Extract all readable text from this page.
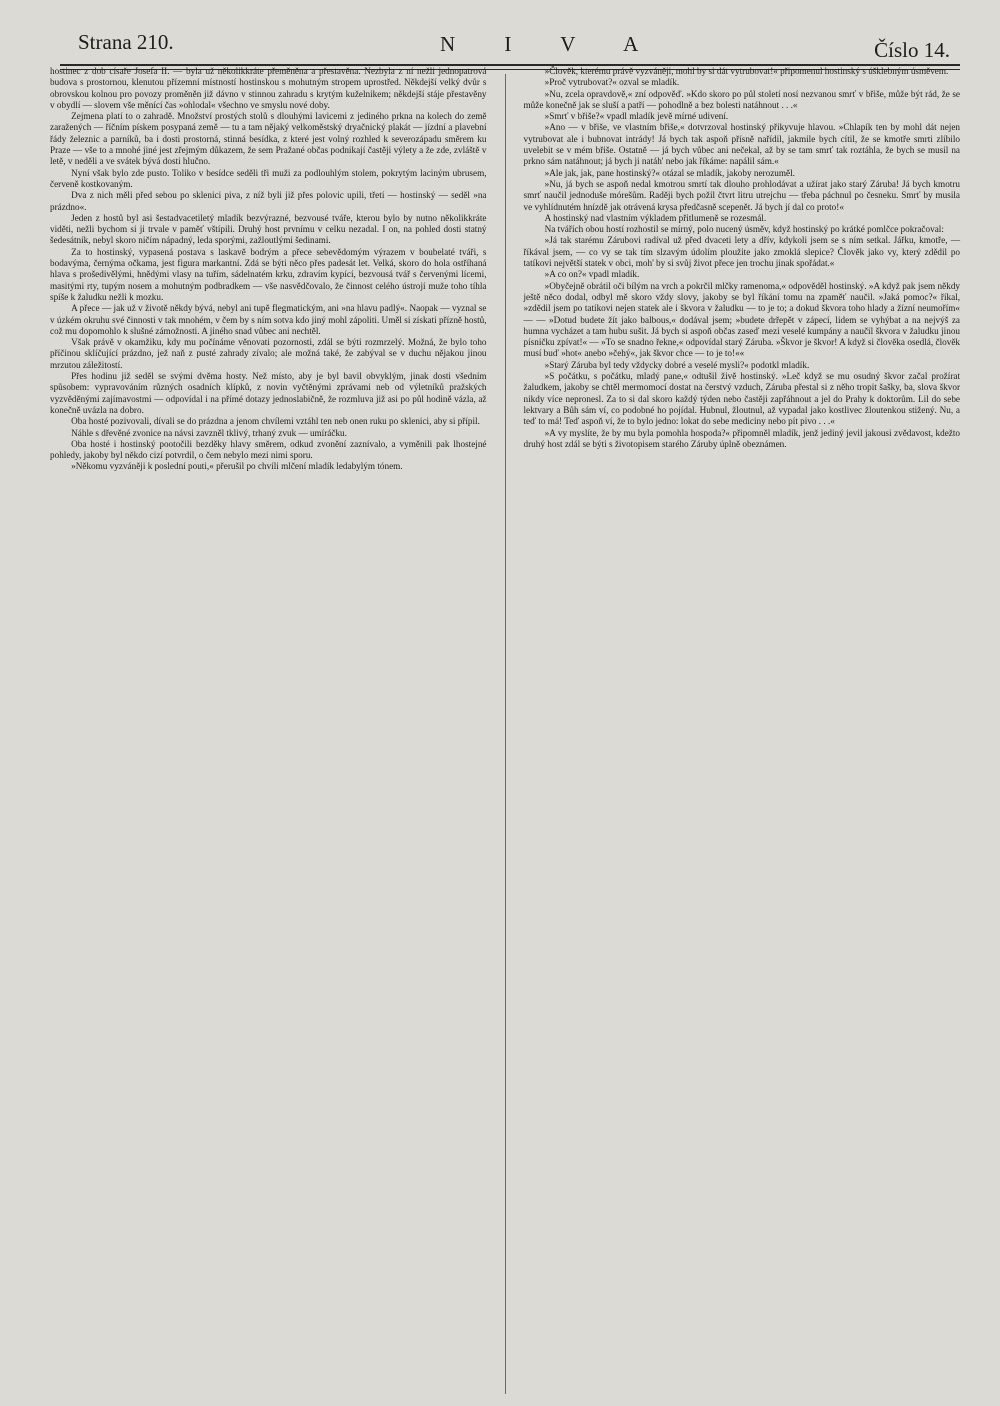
Strana 210.	N I V A	Číslo 14.

hostinec z dob císaře Josefa II. — byla už několikkráte přeměněna a přestavěna. Nezbyla z ní nežli jednopatrová budova s prostornou, klenutou přízemní místností hostinskou s mohutným stropem uprostřed. Někdejší velký dvůr s obrovskou kolnou pro povozy proměněn již dávno v stinnou zahradu s krytým kuželnikem; někdejší stáje přestavěny v obydlí — slovem vše měnící čas »ohlodal« všechno ve smyslu nové doby.

Zejmena platí to o zahradě. Množství prostých stolů s dlouhými lavicemi z jediného prkna na kolech do země zaražených — říčním pískem posypaná země — tu a tam nějaký velkoměstský dryačnický plakát — jízdní a plavební řády železnic a parníků, ba i dosti prostorná, stinná besídka, z které jest volný rozhled k severozápadu směrem ku Praze — vše to a mnohé jiné jest zřejmým důkazem, že sem Pražané občas podnikají častěji výlety a že zde, zvláště v letě, v neděli a ve svátek bývá dosti hlučno.

Nyní však bylo zde pusto. Toliko v besídce seděli tři muži za podlouhlým stolem, pokrytým laciným ubrusem, červeně kostkovaným.

Dva z nich měli před sebou po sklenici piva, z níž byli již přes polovic upili, třetí — hostinský — seděl »na prázdno«.

Jeden z hostů byl asi šestadvacetiletý mladík bezvýrazné, bezvousé tváře, kterou bylo by nutno několikkráte viděti, nežli bychom si ji trvale v paměť vštípili. Druhý host prvnímu v celku nezadal. I on, na pohled dosti statný šedesátník, nebyl skoro ničím nápadný, leda sporými, zažloutlými šedinami.

Za to hostinský, vypasená postava s laskavě bodrým a přece sebevědomým výrazem v boubelaté tváři, s bodavýma, černýma očkama, jest figura markantní. Zdá se býti něco přes padesát let. Velká, skoro do hola ostříhaná hlava s prošedivělými, hnědými vlasy na tuřím, sádelnatém krku, zdravím kypící, bezvousá tvář s červenými lícemi, masitými rty, tupým nosem a mohutným podbradkem — vše nasvědčovalo, že činnost celého ústrojí muže toho tíhla spíše k žaludku nežli k mozku.

A přece — jak už v životě někdy bývá, nebyl ani tupě flegmatickým, ani »na hlavu padlý«. Naopak — vyznal se v úzkém okruhu své činnosti v tak mnohém, v čem by s ním sotva kdo jiný mohl zápoliti. Uměl si získati přízně hostů, což mu dopomohlo k slušné zámožnosti. A jiného snad vůbec ani nechtěl.

Však právě v okamžiku, kdy mu počínáme věnovati pozornosti, zdál se býti rozmrzelý. Možná, že bylo toho příčinou sklíčující prázdno, jež naň z pusté zahrady zívalo; ale možná také, že zabýval se v duchu nějakou jinou mrzutou záležitostí.

Přes hodinu již seděl se svými dvěma hosty. Než místo, aby je byl bavil obvyklým, jinak dosti všedním spůsobem: vypravováním různých osadních klípků, z novin vyčtěnými zprávami neb od výletníků pražských vyzvěděnými zajímavostmi — odpovídal i na přímé dotazy jednoslabičně, že rozmluva již asi po půl hodině vázla, až konečně uvázla na dobro.

Oba hosté pozivovali, dívali se do prázdna a jenom chvílemi vztáhl ten neb onen ruku po sklenici, aby si přípil.

Náhle s dřevěné zvonice na návsi zavzněl tklivý, trhaný zvuk — umíráčku.

Oba hosté i hostinský pootočili bezděky hlavy směrem, odkud zvonění zaznívalo, a vyměnili pak lhostejné pohledy, jakoby byl někdo cizí potvrdil, o čem nebylo mezi nimi sporu.

»Někomu vyzváněji k poslední pouti,« přerušil po chvíli mlčení mladík ledabylým tónem.

»Člověk, kterému právě vyzváněji, mohl by si dát vytrubovat!« připomenul hostinský s úšklebným úsměvem.

»Proč vytrubovat?« ozval se mladík.

»Nu, zcela opravdově,« zní odpověď. »Kdo skoro po půl století nosí nezvanou smrť v břiše, může být rád, že se může konečně jak se sluší a patří — pohodlně a bez bolesti natáhnout . . .«

»Smrť v břiše?« vpadl mladík jevě mírné udivení.

»Ano — v břiše, ve vlastním břiše,« dotvrzoval hostinský přikyvuje hlavou. »Chlapík ten by mohl dát nejen vytrubovat ale i bubnovat intrády! Já bych tak aspoň přísně nařídil, jakmile bych cítil, že se kmotře smrti zlíbilo uvelebit se v mém břiše. Ostatně — já bych vůbec ani nečekal, až by se tam smrť tak roztáhla, že bych se musil na prkno sám natáhnout; já bych ji natáh' nebo jak říkáme: napálil sám.«

»Ale jak, jak, pane hostinský?« otázal se mladík, jakoby nerozuměl.

»Nu, já bych se aspoň nedal kmotrou smrtí tak dlouho prohlodávat a užírat jako starý Záruba! Já bych kmotru smrť naučil jednoduše mórešům. Raději bych požil čtvrt litru utrejchu — třeba páchnul po česneku. Smrť by musila ve vyhlídnutém hnízdě jak otrávená krysa předčasně scepenět. Já bych jí dal co proto!«

A hostinský nad vlastním výkladem přitlumeně se rozesmál.

Na tvářích obou hostí rozhostil se mírný, polo nucený úsměv, když hostinský po krátké pomlčce pokračoval:

»Já tak starému Zárubovi radíval už před dvaceti lety a dřív, kdykoli jsem se s ním setkal. Jářku, kmotře, — říkával jsem, — co vy se tak tím slzavým údolím ploužite jako zmoklá slepice? Člověk jako vy, který zdědil po tatíkovi největší statek v obci, moh' by si svůj život přece jen trochu jinak spořádat.«

»A co on?« vpadl mladík.

»Obyčejně obrátil oči bílým na vrch a pokrčil mlčky ramenoma,« odpověděl hostinský. »A když pak jsem někdy ještě něco dodal, odbyl mě skoro vždy slovy, jakoby se byl říkání tomu na zpaměť naučil. »Jaká pomoc?« říkal, »zdědil jsem po tatíkovi nejen statek ale i škvora v žaludku — to je to; a dokud škvora toho hlady a žízní neumořím« — — »Dotud budete žít jako balbous,« dodával jsem; »budete drřepět v zápecí, lidem se vyhýbat a na nejvýš za humna vycházet a tam hubu sušit. Já bych si aspoň občas zaseď mezi veselé kumpány a naučil škvora v žaludku jinou písničku zpívat!« — »To se snadno řekne,« odpovídal starý Záruba. »Škvor je škvor! A když si člověka osedlá, člověk musí buď »hot« anebo »čehý«, jak škvor chce — to je to!««

»Starý Záruba byl tedy vždycky dobré a veselé mysli?« podotkl mladík.

»S počátku, s počátku, mladý pane,« odtušil živě hostinský. »Leč když se mu osudný škvor začal prožírat žaludkem, jakoby se chtěl mermomocí dostat na čerstvý vzduch, Záruba přestal si z něho tropit šašky, ba, slova škvor nikdy více nepronesl. Za to si dal skoro každý týden nebo častěji zapřáhnout a jel do Prahy k doktorům. Lil do sebe lektvary a Bůh sám ví, co podobné ho pojídal. Hubnul, žloutnul, až vypadal jako kostlivec žloutenkou stižený. Nu, a teď to má! Teď aspoň ví, že to bylo jedno: lokat do sebe mediciny nebo pít pivo . . .«

»A vy myslíte, že by mu byla pomohla hospoda?« připomněl mladík, jenž jediný jevil jakousi zvědavost, kdežto druhý host zdál se býti s životopisem starého Záruby úplně obeznámen.
